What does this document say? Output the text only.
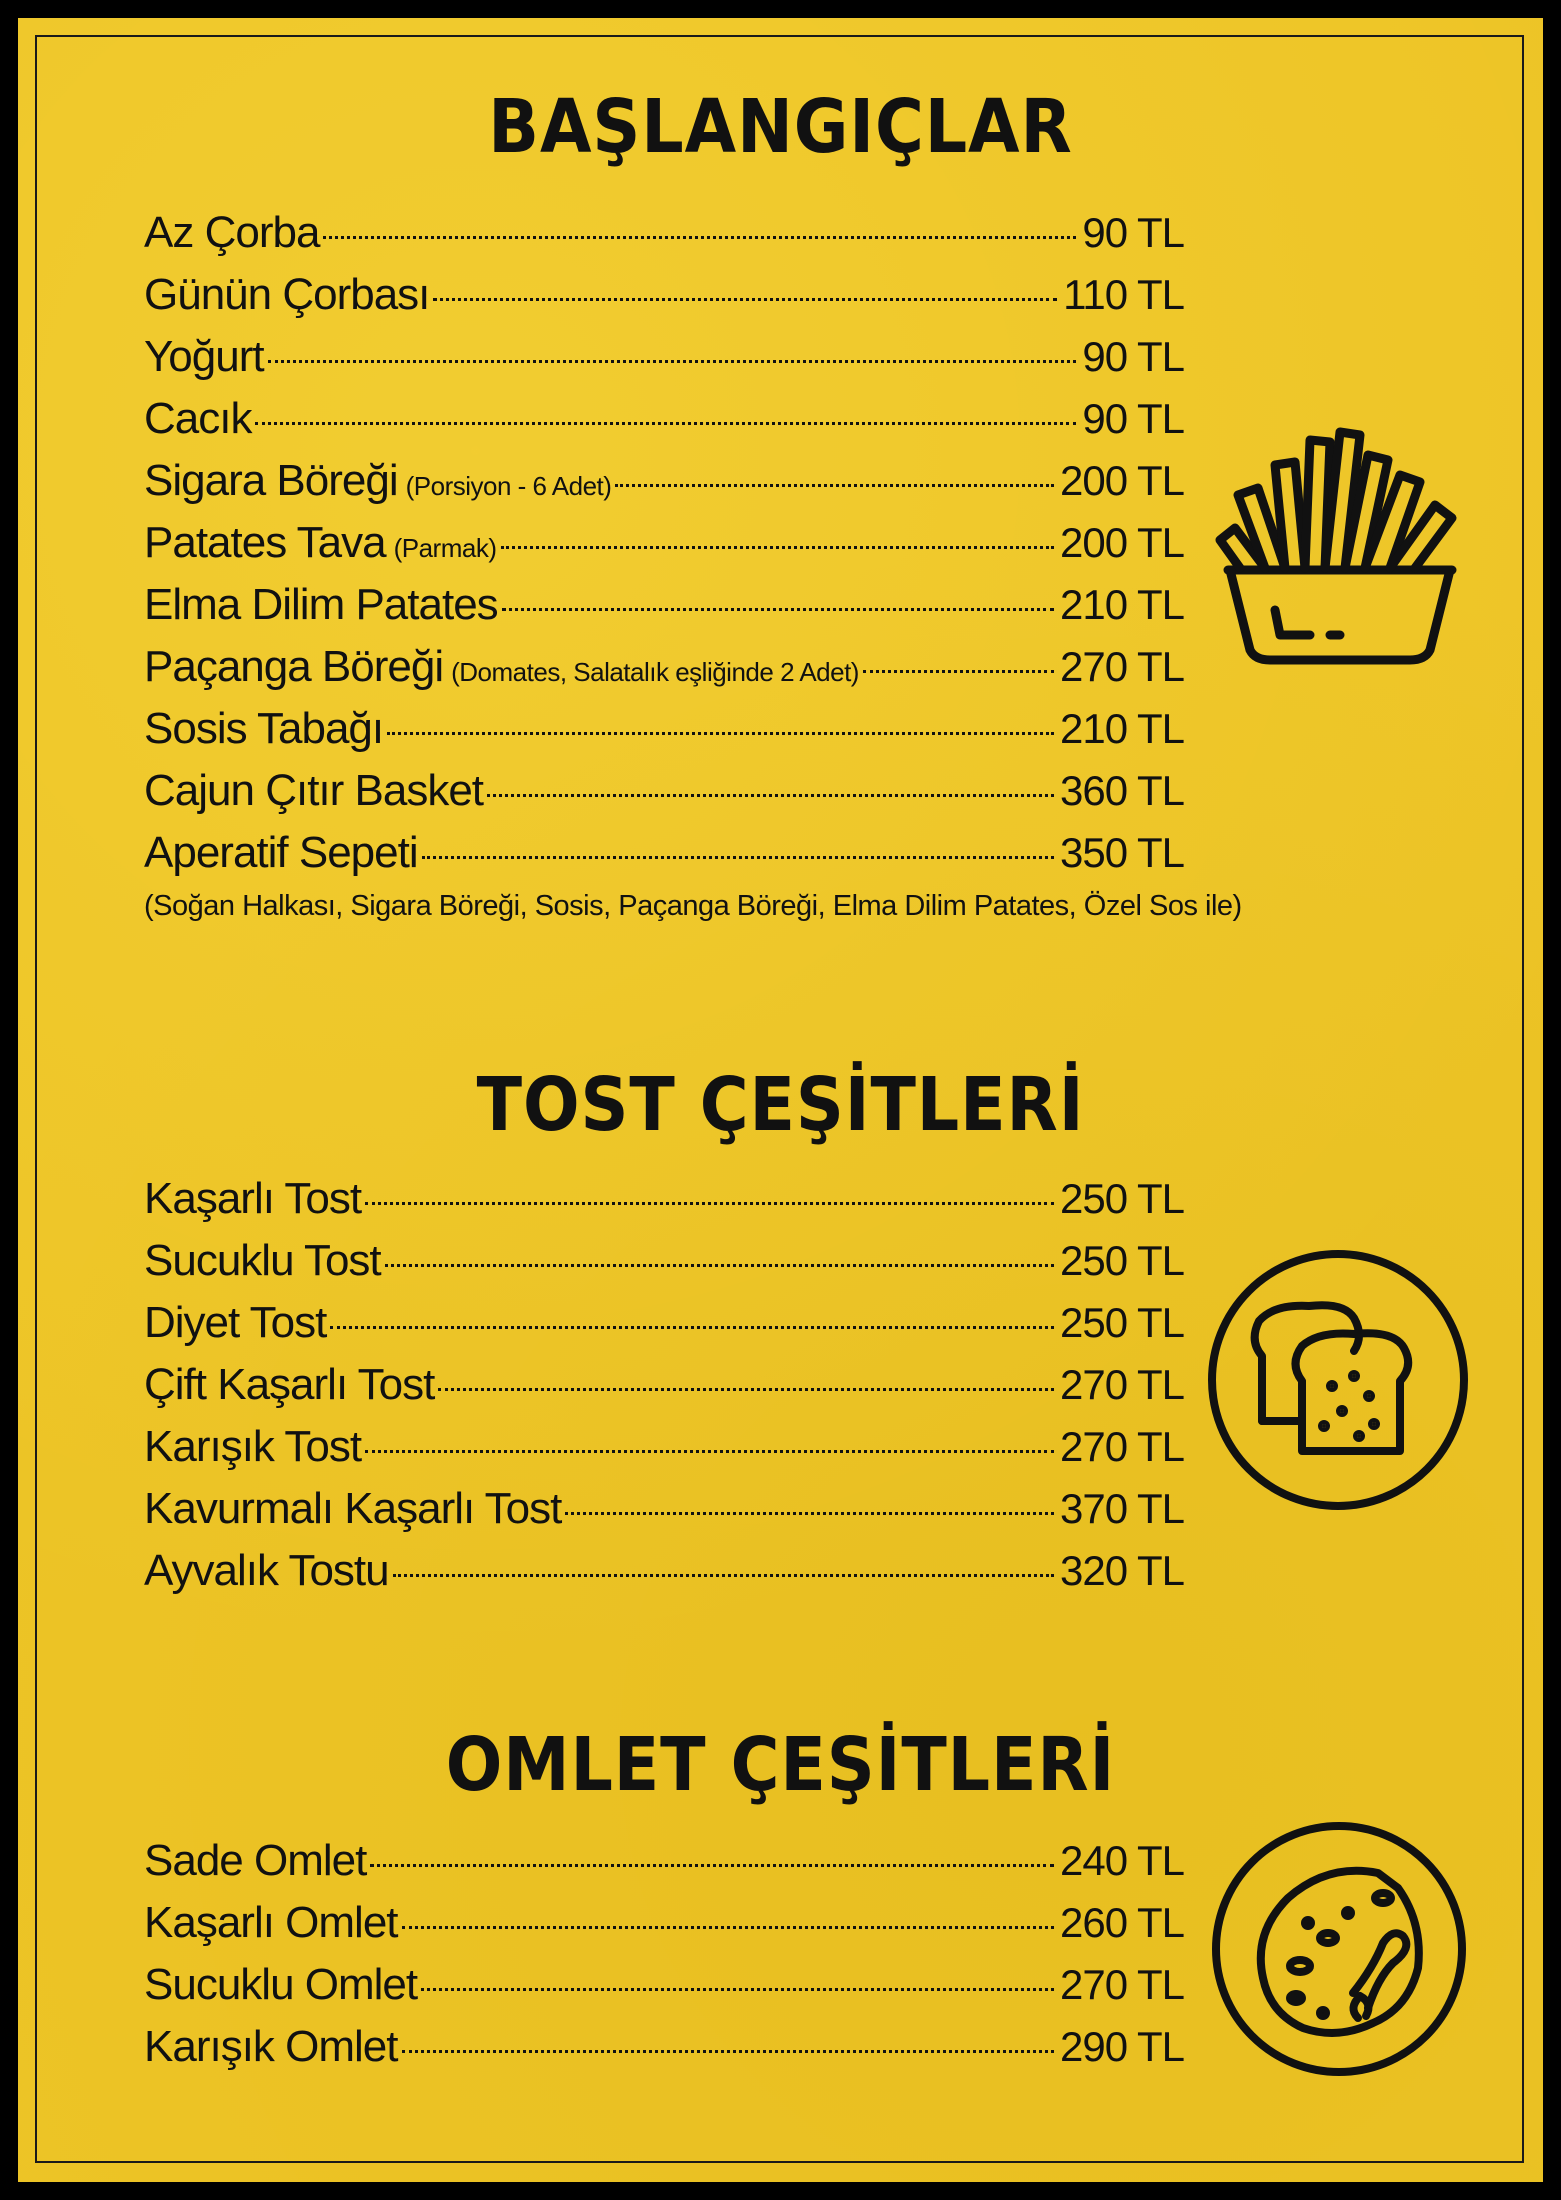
BAŞLANGIÇLAR
Az Çorba	90 TL
Günün Çorbası	110 TL
Yoğurt	90 TL
Cacık	90 TL
Sigara Böreği (Porsiyon - 6 Adet)	200 TL
Patates Tava (Parmak)	200 TL
Elma Dilim Patates	210 TL
Paçanga Böreği (Domates, Salatalık eşliğinde 2 Adet)	270 TL
Sosis Tabağı	210 TL
Cajun Çıtır Basket	360 TL
Aperatif Sepeti	350 TL
(Soğan Halkası, Sigara Böreği, Sosis, Paçanga Böreği, Elma Dilim Patates, Özel Sos ile)
TOST ÇEŞİTLERİ
Kaşarlı Tost	250 TL
Sucuklu Tost	250 TL
Diyet Tost	250 TL
Çift Kaşarlı Tost	270 TL
Karışık Tost	270 TL
Kavurmalı Kaşarlı Tost	370 TL
Ayvalık Tostu	320 TL
OMLET ÇEŞİTLERİ
Sade Omlet	240 TL
Kaşarlı Omlet	260 TL
Sucuklu Omlet	270 TL
Karışık Omlet	290 TL
